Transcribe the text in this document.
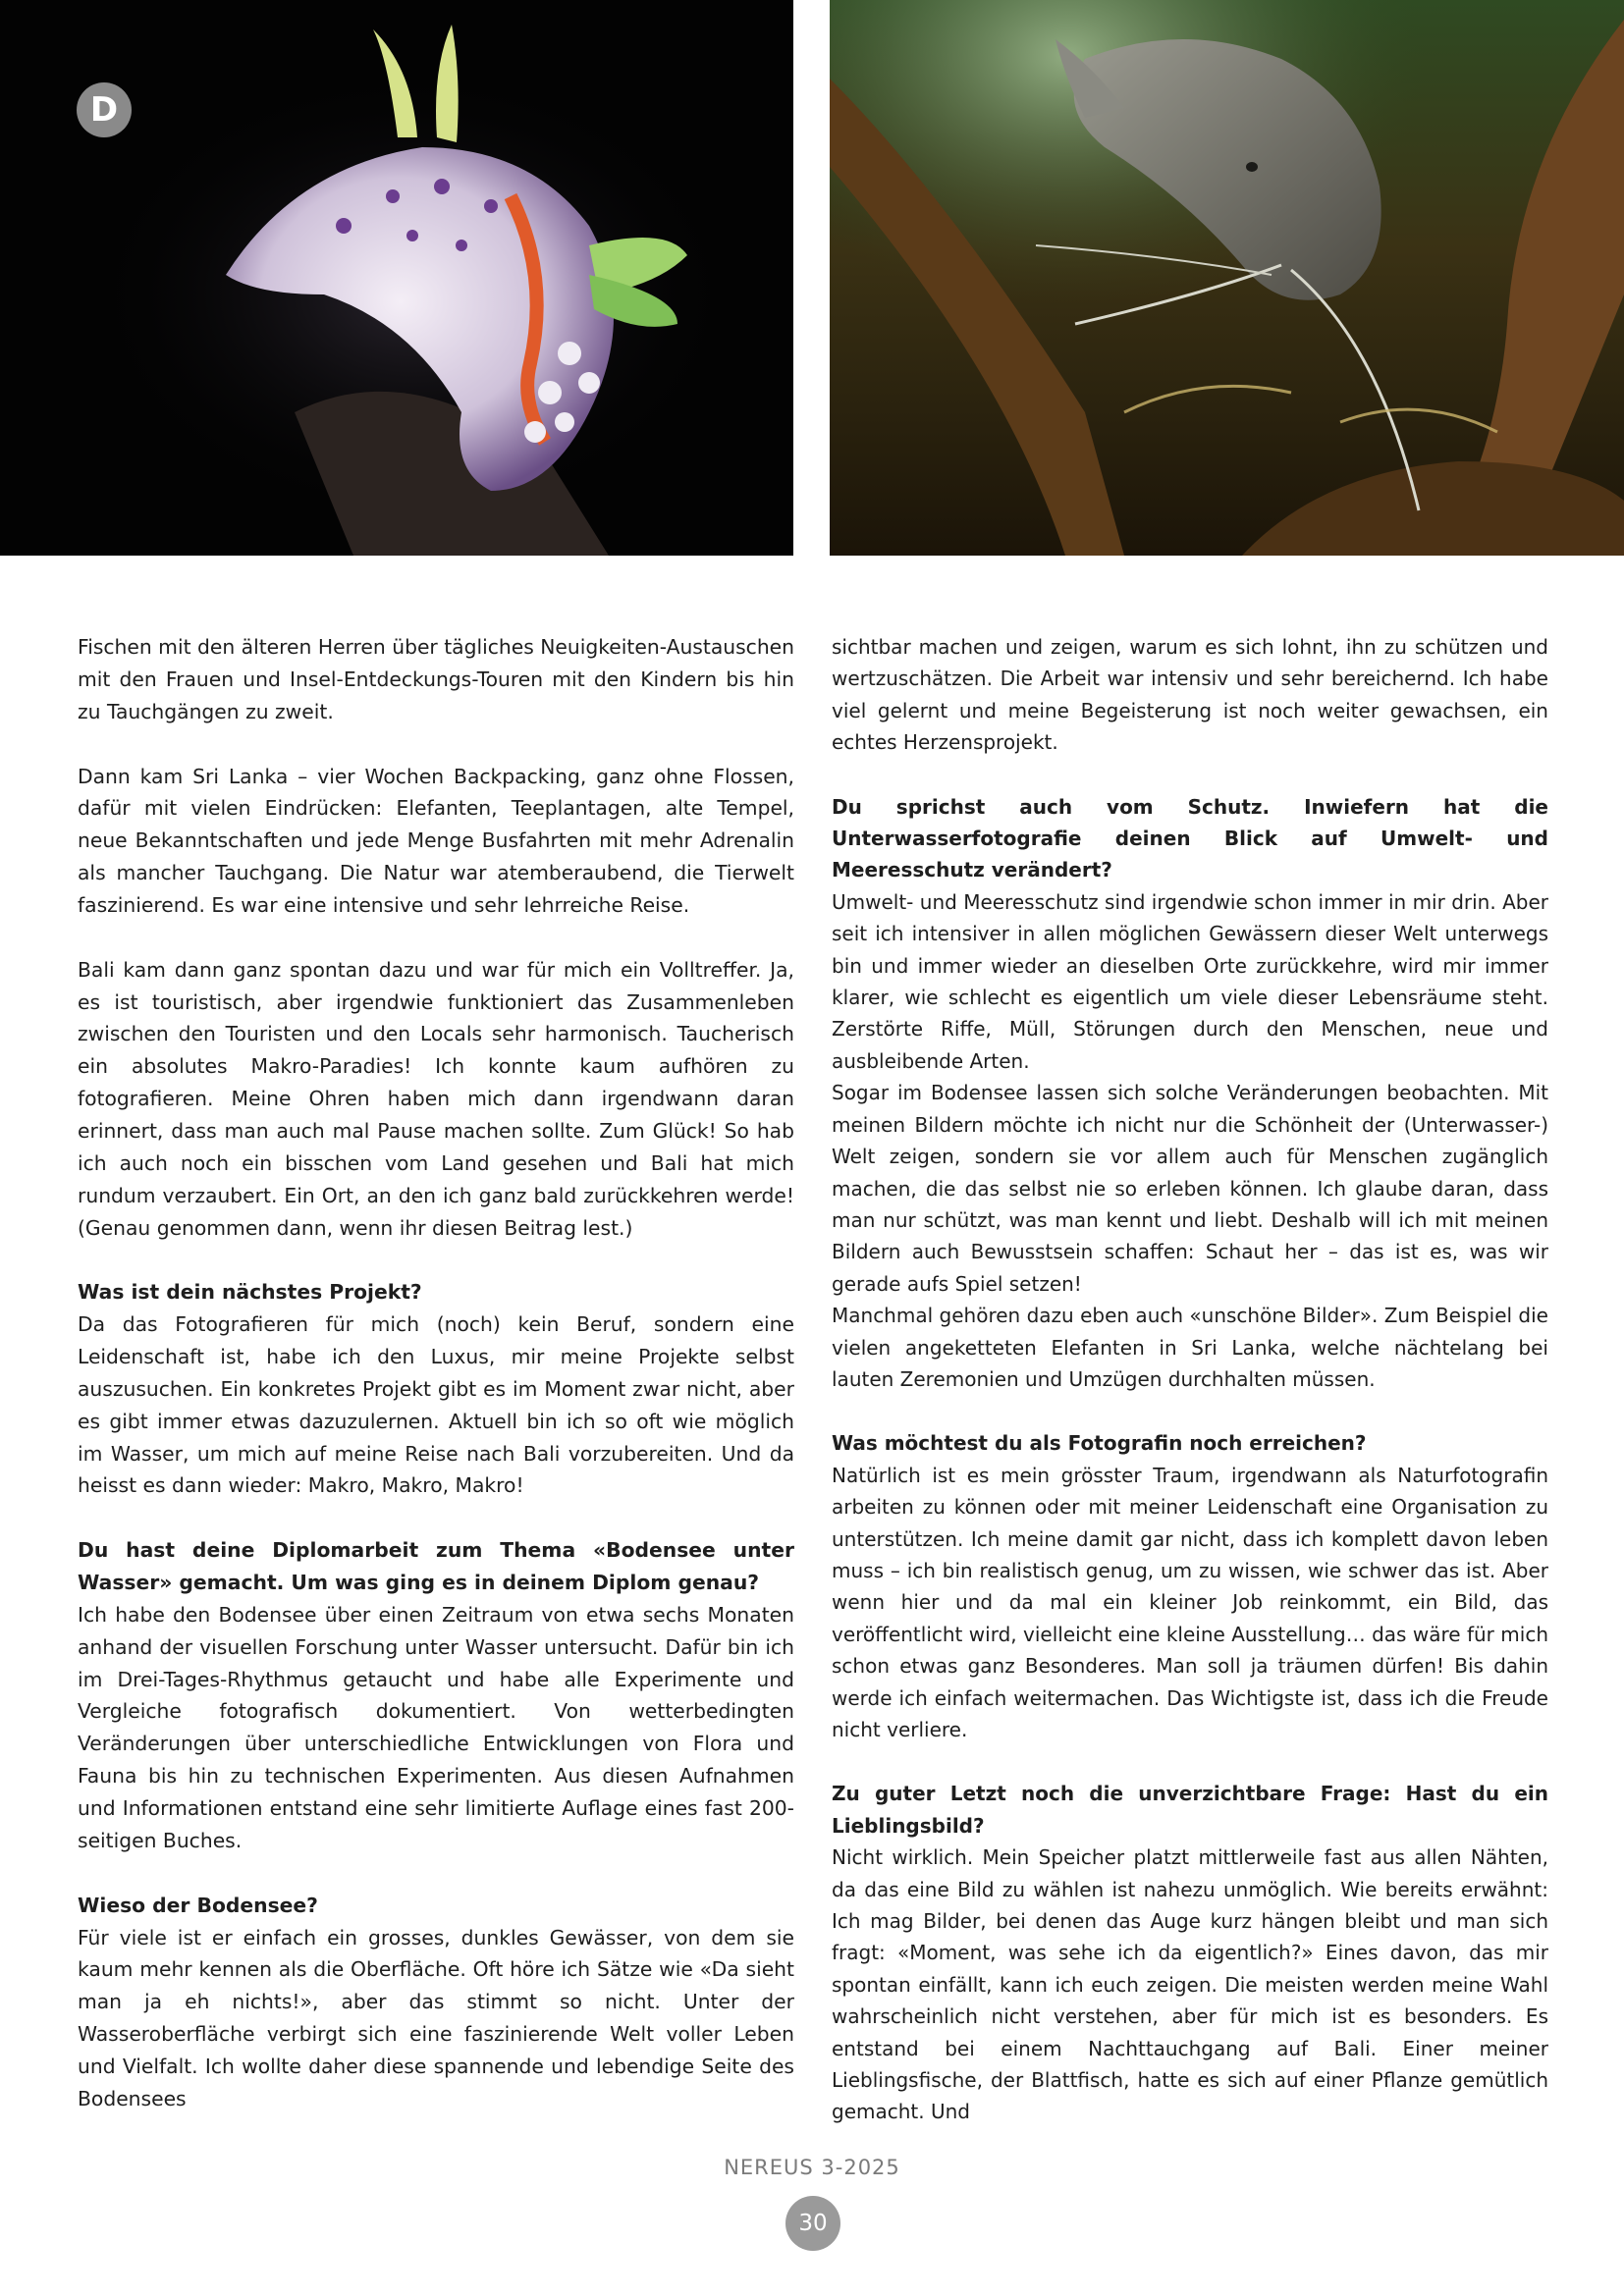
D

Fischen mit den älteren Herren über tägliches Neuigkeiten-Austauschen mit den Frauen und Insel-Entdeckungs-Touren mit den Kindern bis hin zu Tauchgängen zu zweit.

Dann kam Sri Lanka – vier Wochen Backpacking, ganz ohne Flossen, dafür mit vielen Eindrücken: Elefanten, Teeplantagen, alte Tempel, neue Bekanntschaften und jede Menge Busfahrten mit mehr Adrenalin als mancher Tauchgang. Die Natur war atemberaubend, die Tierwelt faszinierend. Es war eine intensive und sehr lehrreiche Reise.

Bali kam dann ganz spontan dazu und war für mich ein Volltreffer. Ja, es ist touristisch, aber irgendwie funktioniert das Zusammenleben zwischen den Touristen und den Locals sehr harmonisch. Taucherisch ein absolutes Makro-Paradies! Ich konnte kaum aufhören zu fotografieren. Meine Ohren haben mich dann irgendwann daran erinnert, dass man auch mal Pause machen sollte. Zum Glück! So hab ich auch noch ein bisschen vom Land gesehen und Bali hat mich rundum verzaubert. Ein Ort, an den ich ganz bald zurückkehren werde! (Genau genommen dann, wenn ihr diesen Beitrag lest.)

Was ist dein nächstes Projekt?
Da das Fotografieren für mich (noch) kein Beruf, sondern eine Leidenschaft ist, habe ich den Luxus, mir meine Projekte selbst auszusuchen. Ein konkretes Projekt gibt es im Moment zwar nicht, aber es gibt immer etwas dazuzulernen. Aktuell bin ich so oft wie möglich im Wasser, um mich auf meine Reise nach Bali vorzubereiten. Und da heisst es dann wieder: Makro, Makro, Makro!

Du hast deine Diplomarbeit zum Thema «Bodensee unter Wasser» gemacht. Um was ging es in deinem Diplom genau?
Ich habe den Bodensee über einen Zeitraum von etwa sechs Monaten anhand der visuellen Forschung unter Wasser untersucht. Dafür bin ich im Drei-Tages-Rhythmus getaucht und habe alle Experimente und Vergleiche fotografisch dokumentiert. Von wetterbedingten Veränderungen über unterschiedliche Entwicklungen von Flora und Fauna bis hin zu technischen Experimenten. Aus diesen Aufnahmen und Informationen entstand eine sehr limitierte Auflage eines fast 200-seitigen Buches.

Wieso der Bodensee?
Für viele ist er einfach ein grosses, dunkles Gewässer, von dem sie kaum mehr kennen als die Oberfläche. Oft höre ich Sätze wie «Da sieht man ja eh nichts!», aber das stimmt so nicht. Unter der Wasseroberfläche verbirgt sich eine faszinierende Welt voller Leben und Vielfalt. Ich wollte daher diese spannende und lebendige Seite des Bodensees

sichtbar machen und zeigen, warum es sich lohnt, ihn zu schützen und wertzuschätzen. Die Arbeit war intensiv und sehr bereichernd. Ich habe viel gelernt und meine Begeisterung ist noch weiter gewachsen, ein echtes Herzensprojekt.

Du sprichst auch vom Schutz. Inwiefern hat die Unterwasserfotografie deinen Blick auf Umwelt- und Meeresschutz verändert?
Umwelt- und Meeresschutz sind irgendwie schon immer in mir drin. Aber seit ich intensiver in allen möglichen Gewässern dieser Welt unterwegs bin und immer wieder an dieselben Orte zurückkehre, wird mir immer klarer, wie schlecht es eigentlich um viele dieser Lebensräume steht. Zerstörte Riffe, Müll, Störungen durch den Menschen, neue und ausbleibende Arten.
Sogar im Bodensee lassen sich solche Veränderungen beobachten. Mit meinen Bildern möchte ich nicht nur die Schönheit der (Unterwasser-) Welt zeigen, sondern sie vor allem auch für Menschen zugänglich machen, die das selbst nie so erleben können. Ich glaube daran, dass man nur schützt, was man kennt und liebt. Deshalb will ich mit meinen Bildern auch Bewusstsein schaffen: Schaut her – das ist es, was wir gerade aufs Spiel setzen!
Manchmal gehören dazu eben auch «unschöne Bilder». Zum Beispiel die vielen angeketteten Elefanten in Sri Lanka, welche nächtelang bei lauten Zeremonien und Umzügen durchhalten müssen.

Was möchtest du als Fotografin noch erreichen?
Natürlich ist es mein grösster Traum, irgendwann als Naturfotografin arbeiten zu können oder mit meiner Leidenschaft eine Organisation zu unterstützen. Ich meine damit gar nicht, dass ich komplett davon leben muss – ich bin realistisch genug, um zu wissen, wie schwer das ist. Aber wenn hier und da mal ein kleiner Job reinkommt, ein Bild, das veröffentlicht wird, vielleicht eine kleine Ausstellung… das wäre für mich schon etwas ganz Besonderes. Man soll ja träumen dürfen! Bis dahin werde ich einfach weitermachen. Das Wichtigste ist, dass ich die Freude nicht verliere.

Zu guter Letzt noch die unverzichtbare Frage: Hast du ein Lieblingsbild?
Nicht wirklich. Mein Speicher platzt mittlerweile fast aus allen Nähten, da das eine Bild zu wählen ist nahezu unmöglich. Wie bereits erwähnt: Ich mag Bilder, bei denen das Auge kurz hängen bleibt und man sich fragt: «Moment, was sehe ich da eigentlich?» Eines davon, das mir spontan einfällt, kann ich euch zeigen. Die meisten werden meine Wahl wahrscheinlich nicht verstehen, aber für mich ist es besonders. Es entstand bei einem Nachttauchgang auf Bali. Einer meiner Lieblingsfische, der Blattfisch, hatte es sich auf einer Pflanze gemütlich gemacht. Und

NEREUS 3-2025
30
